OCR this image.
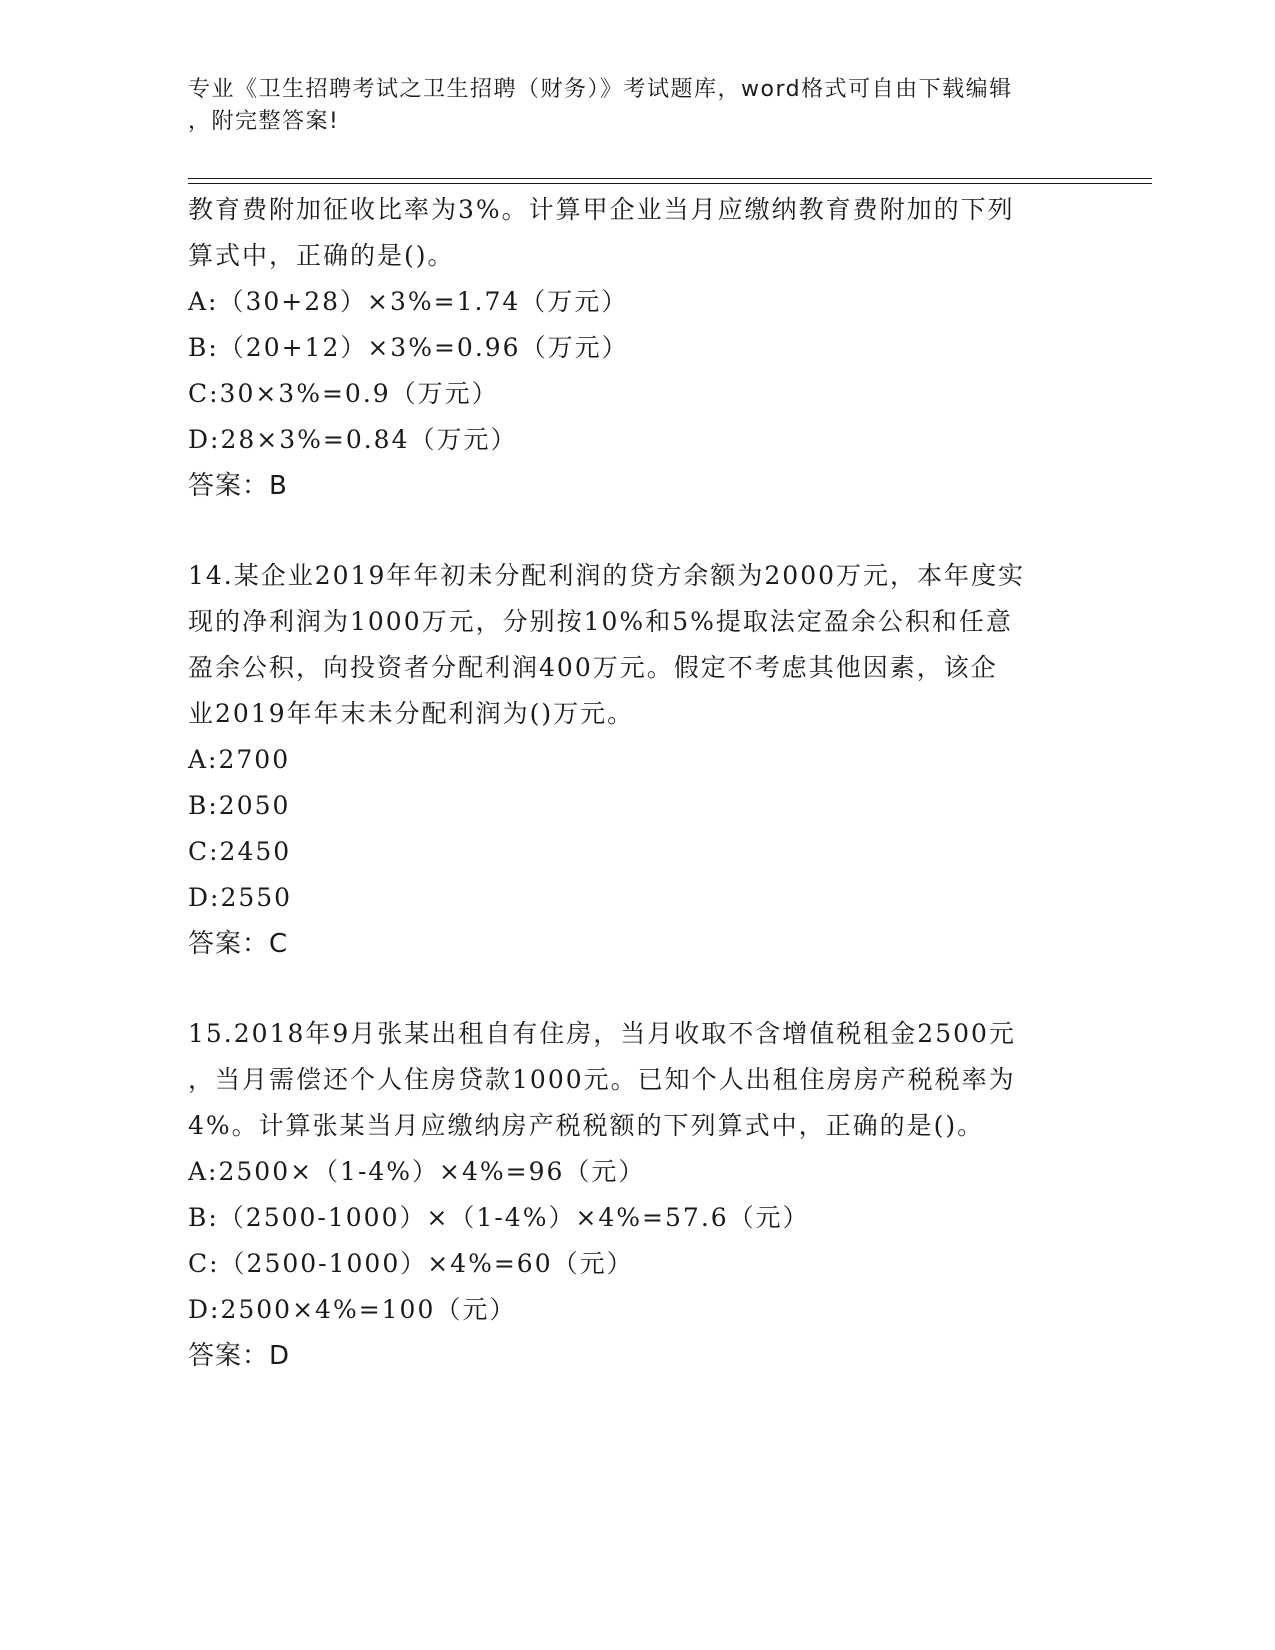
专业《卫生招聘考试之卫生招聘（财务）》考试题库，word格式可自由下载编辑
，附完整答案!
教育费附加征收比率为3%。计算甲企业当月应缴纳教育费附加的下列
算式中，正确的是()。
A:（30+28）×3%=1.74（万元）
B:（20+12）×3%=0.96（万元）
C:30×3%=0.9（万元）
D:28×3%=0.84（万元）
答案：B
14.某企业2019年年初未分配利润的贷方余额为2000万元，本年度实
现的净利润为1000万元，分别按10%和5%提取法定盈余公积和任意
盈余公积，向投资者分配利润400万元。假定不考虑其他因素，该企
业2019年年末未分配利润为()万元。
A:2700
B:2050
C:2450
D:2550
答案：C
15.2018年9月张某出租自有住房，当月收取不含增值税租金2500元
，当月需偿还个人住房贷款1000元。已知个人出租住房房产税税率为
4%。计算张某当月应缴纳房产税税额的下列算式中，正确的是()。
A:2500×（1-4%）×4%=96（元）
B:（2500-1000）×（1-4%）×4%=57.6（元）
C:（2500-1000）×4%=60（元）
D:2500×4%=100（元）
答案：D
